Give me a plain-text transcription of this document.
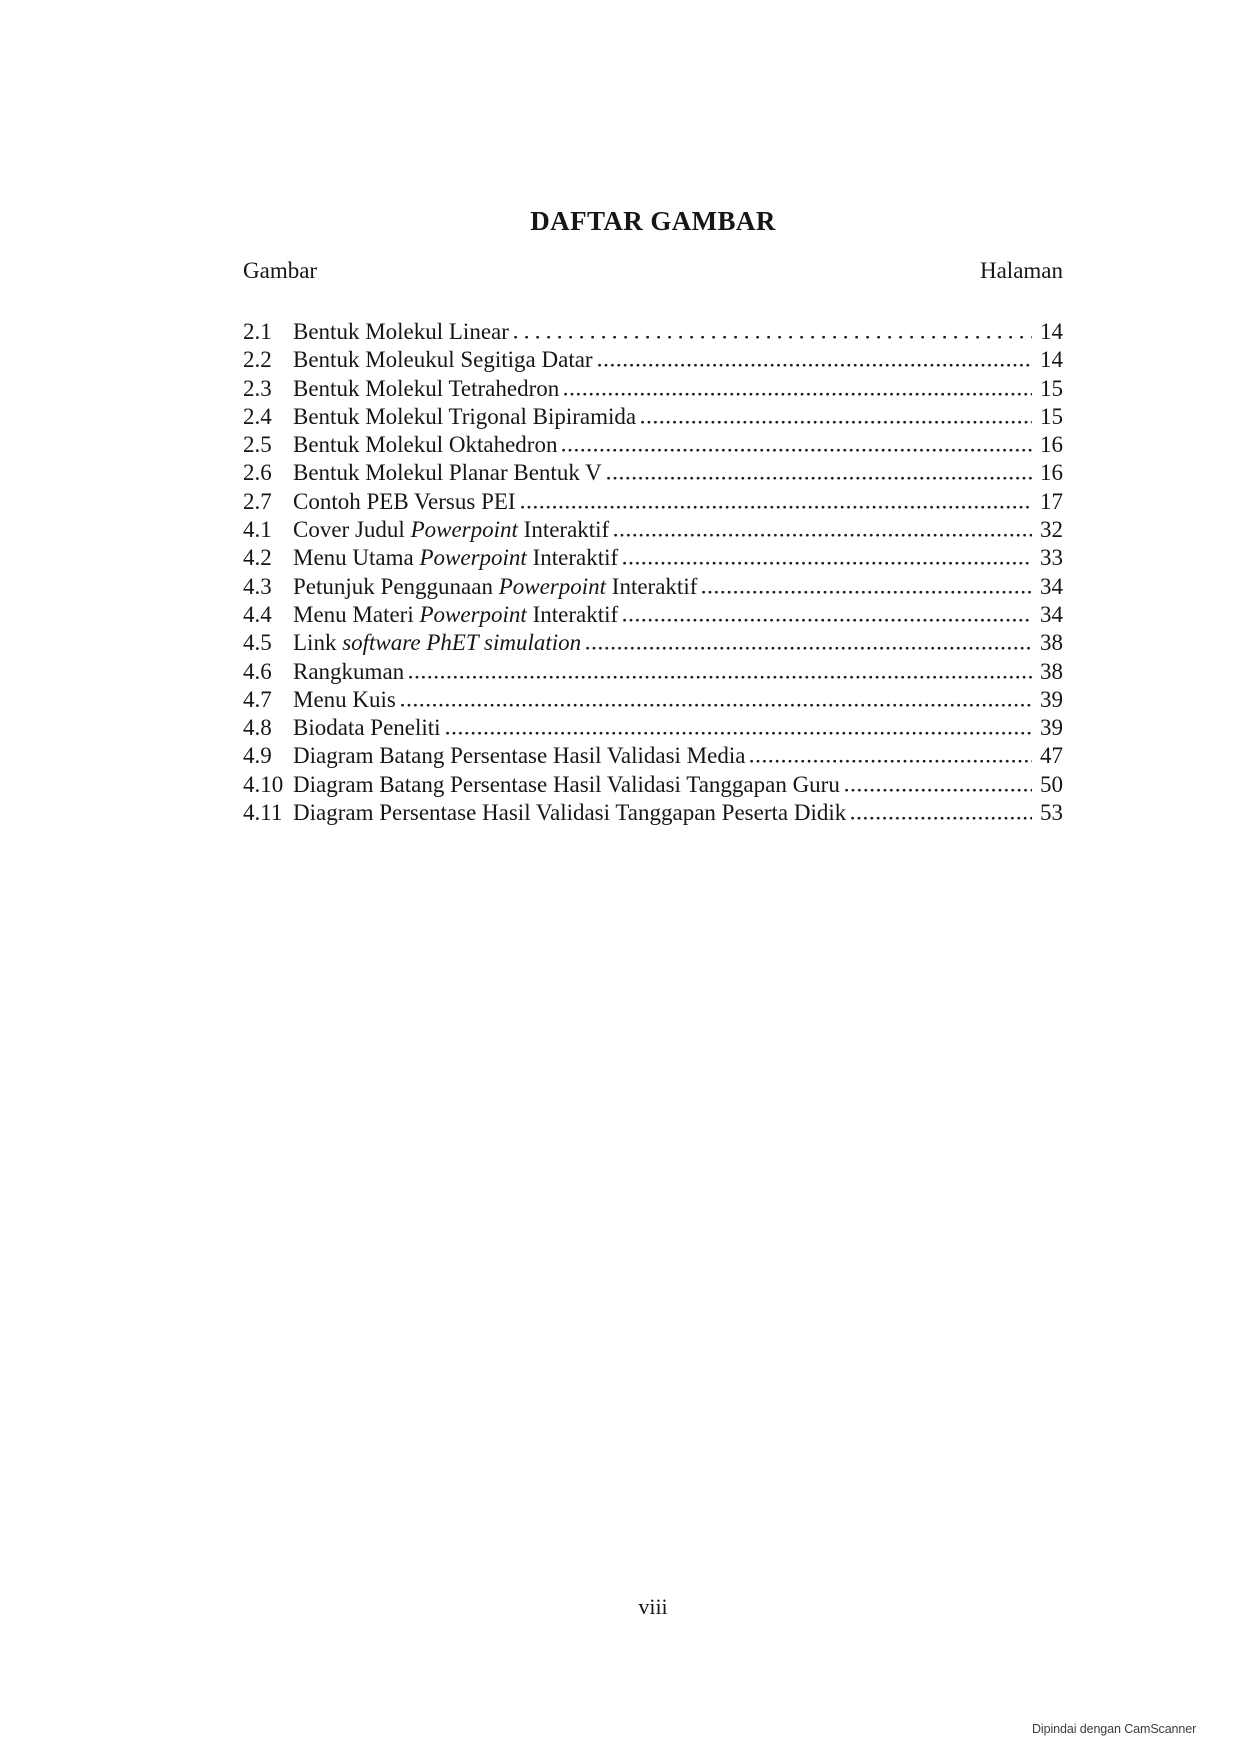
DAFTAR GAMBAR
Gambar	Halaman
2.1 Bentuk Molekul Linear	14
2.2 Bentuk Moleukul Segitiga Datar	14
2.3 Bentuk Molekul Tetrahedron	15
2.4 Bentuk Molekul Trigonal Bipiramida	15
2.5 Bentuk Molekul Oktahedron	16
2.6 Bentuk Molekul Planar Bentuk V	16
2.7 Contoh PEB Versus PEI	17
4.1 Cover Judul Powerpoint Interaktif	32
4.2 Menu Utama Powerpoint Interaktif	33
4.3 Petunjuk Penggunaan Powerpoint Interaktif	34
4.4 Menu Materi Powerpoint Interaktif	34
4.5 Link software PhET simulation	38
4.6 Rangkuman	38
4.7 Menu Kuis	39
4.8 Biodata Peneliti	39
4.9 Diagram Batang Persentase Hasil Validasi Media	47
4.10 Diagram Batang Persentase Hasil Validasi Tanggapan Guru	50
4.11 Diagram Persentase Hasil Validasi Tanggapan Peserta Didik	53
viii
Dipindai dengan CamScanner
